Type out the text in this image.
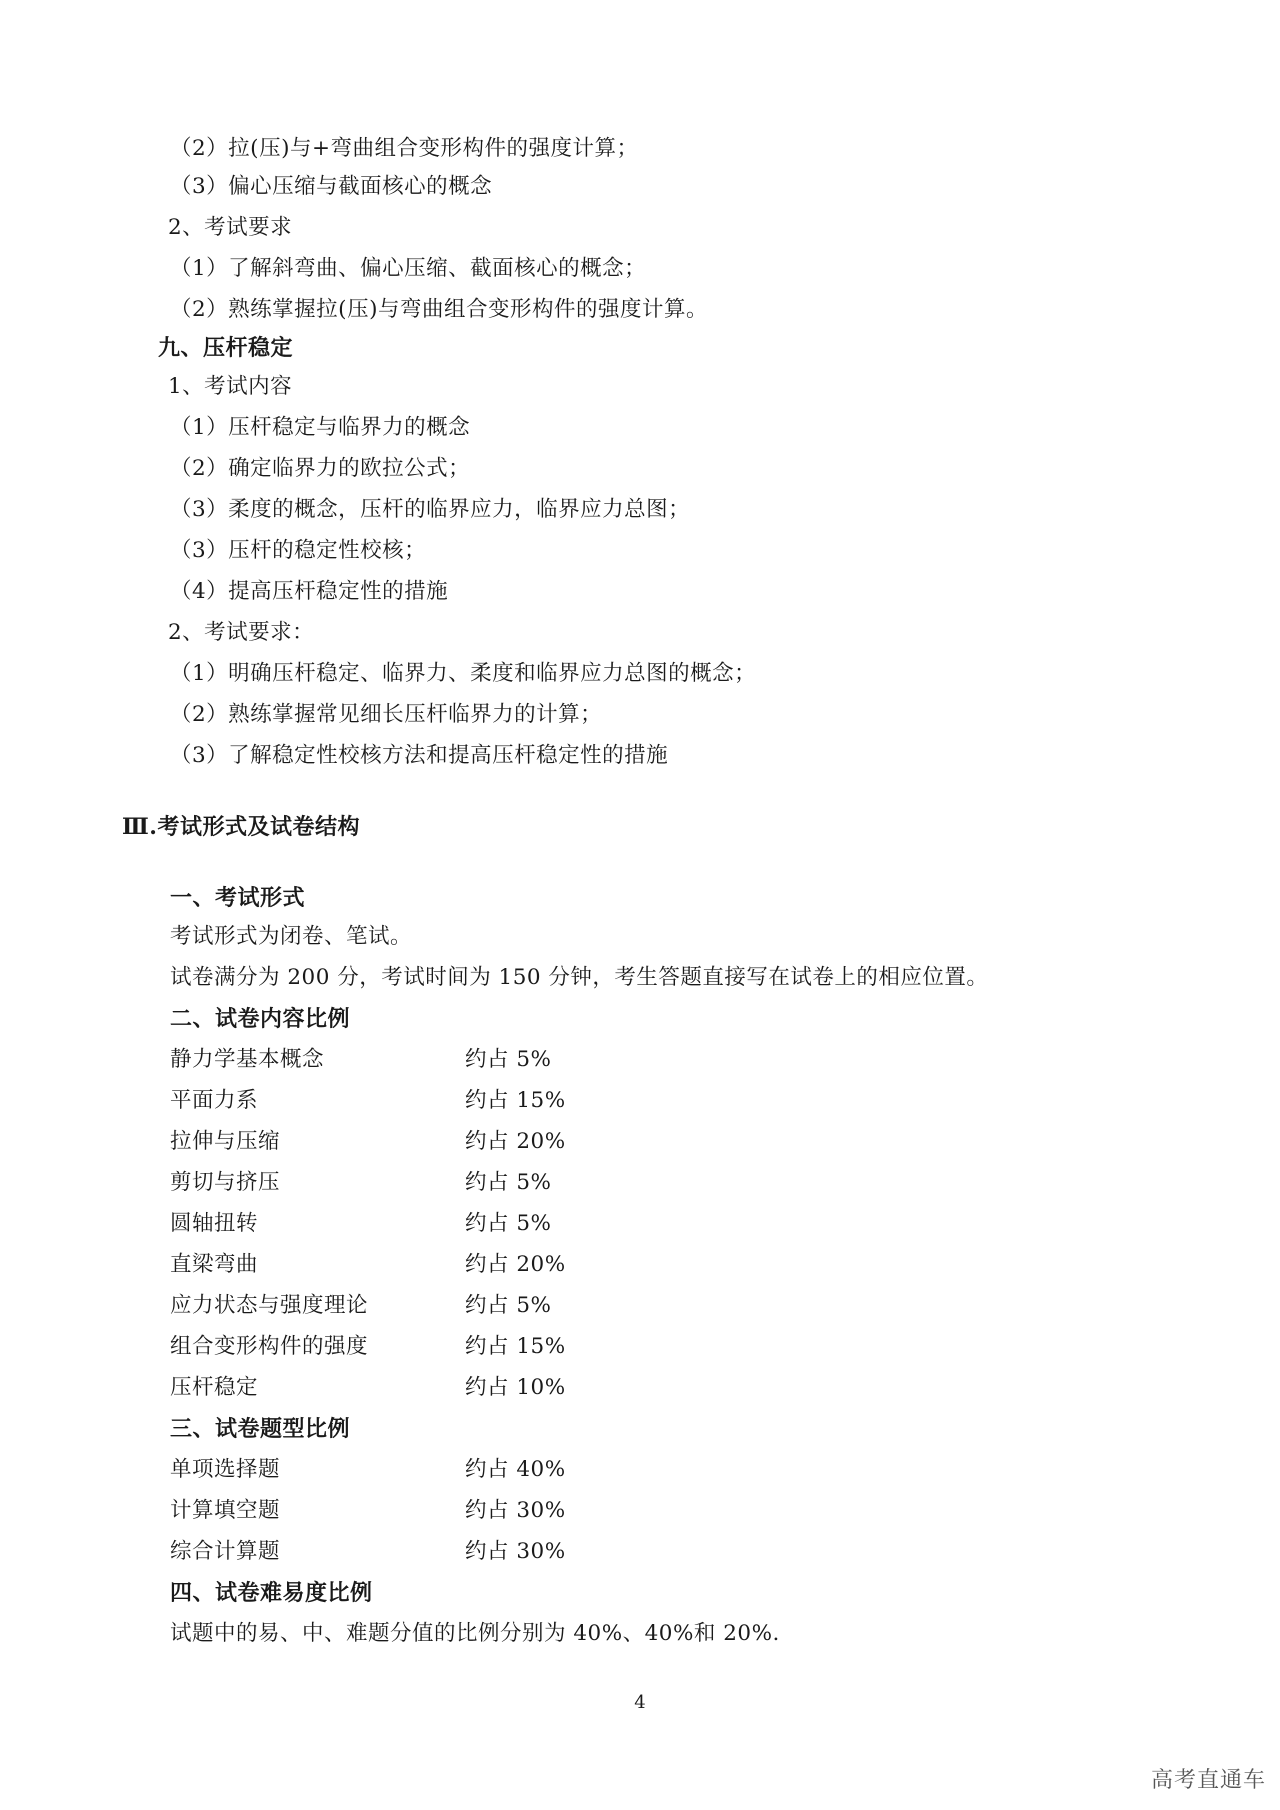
（2）拉(压)与+弯曲组合变形构件的强度计算；
（3）偏心压缩与截面核心的概念
2、考试要求
（1）了解斜弯曲、偏心压缩、截面核心的概念；
（2）熟练掌握拉(压)与弯曲组合变形构件的强度计算。
九、压杆稳定
1、考试内容
（1）压杆稳定与临界力的概念
（2）确定临界力的欧拉公式；
（3）柔度的概念，压杆的临界应力，临界应力总图；
（3）压杆的稳定性校核；
（4）提高压杆稳定性的措施
2、考试要求：
（1）明确压杆稳定、临界力、柔度和临界应力总图的概念；
（2）熟练掌握常见细长压杆临界力的计算；
（3）了解稳定性校核方法和提高压杆稳定性的措施
Ⅲ.考试形式及试卷结构
一、考试形式
考试形式为闭卷、笔试。
试卷满分为 200 分，考试时间为 150 分钟，考生答题直接写在试卷上的相应位置。
二、试卷内容比例
静力学基本概念	约占 5%
平面力系	约占 15%
拉伸与压缩	约占 20%
剪切与挤压	约占 5%
圆轴扭转	约占 5%
直梁弯曲	约占 20%
应力状态与强度理论	约占 5%
组合变形构件的强度	约占 15%
压杆稳定	约占 10%
三、试卷题型比例
单项选择题	约占 40%
计算填空题	约占 30%
综合计算题	约占 30%
四、试卷难易度比例
试题中的易、中、难题分值的比例分别为 40%、40%和 20%.
4
高考直通车
